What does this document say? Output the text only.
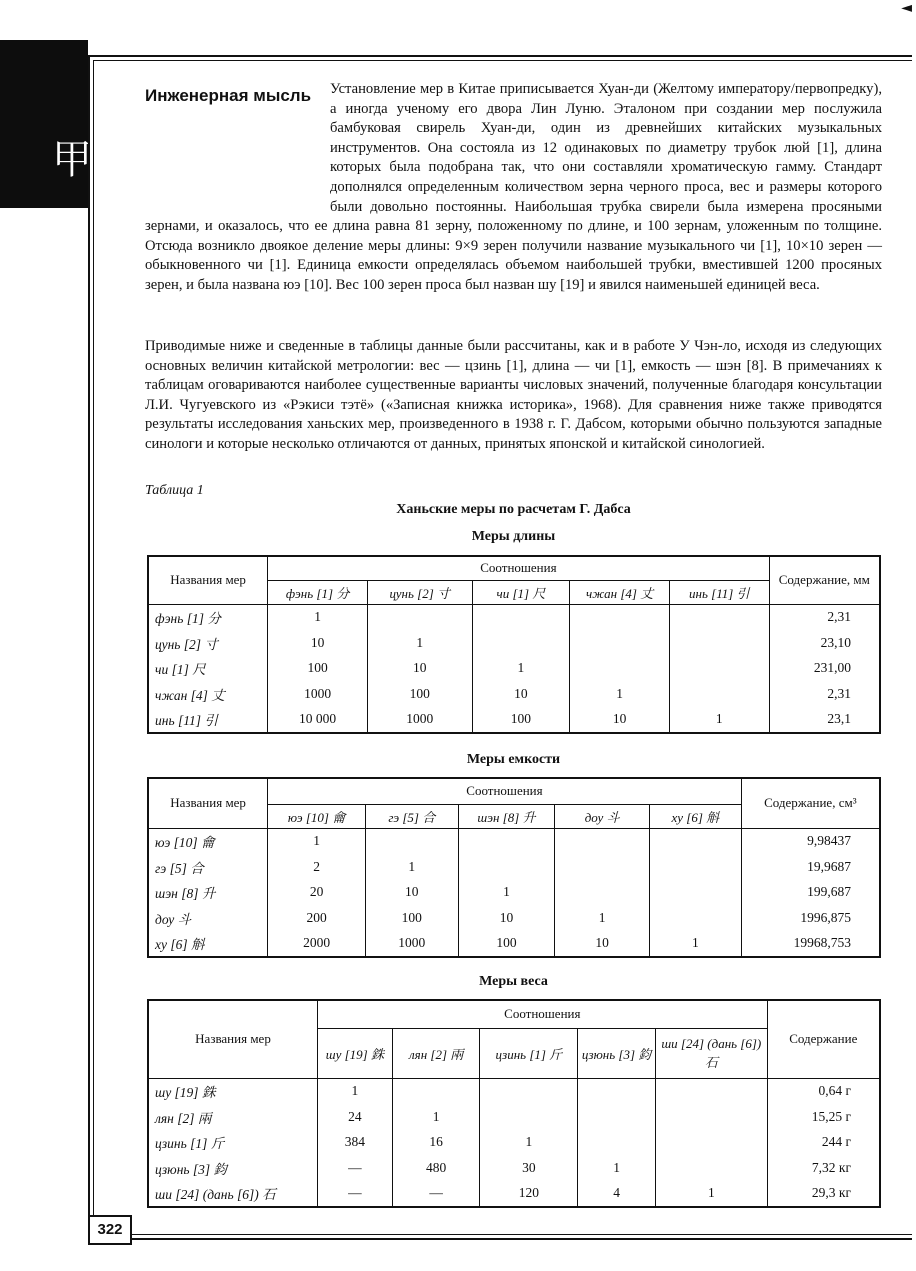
甲
◄
Инженерная мысль	Установление мер в Китае приписывается Хуан-ди (Желтому императору/первопредку), а иногда ученому его двора Лин Луню. Эталоном при создании мер послужила бамбуковая свирель Хуан-ди, один из древнейших китайских музыкальных инструментов. Она состояла из 12 одинаковых по диаметру трубок люй [1], длина которых была подобрана так, что они составляли хроматическую гамму. Стандарт дополнялся определенным количеством зерна черного проса, вес и размеры которого были довольно постоянны. Наибольшая трубка свирели была измерена просяными зернами, и оказалось, что ее длина равна 81 зерну, положенному по длине, и 100 зернам, уложенным по толщине. Отсюда возникло двоякое деление меры длины: 9×9 зерен получили название музыкального чи [1], 10×10 зерен — обыкновенного чи [1]. Единица емкости определялась объемом наибольшей трубки, вместившей 1200 просяных зерен, и была названа юэ [10]. Вес 100 зерен проса был назван шу [19] и явился наименьшей единицей веса.

Приводимые ниже и сведенные в таблицы данные были рассчитаны, как и в работе У Чэн-ло, исходя из следующих основных величин китайской метрологии: вес — цзинь [1], длина — чи [1], емкость — шэн [8]. В примечаниях к таблицам оговариваются наиболее существенные варианты числовых значений, полученные благодаря консультации Л.И. Чугуевского из «Рэкиси тэтё» («Записная книжка историка», 1968). Для сравнения ниже также приводятся результаты исследования ханьских мер, произведенного в 1938 г. Г. Дабсом, которыми обычно пользуются западные синологи и которые несколько отличаются от данных, принятых японской и китайской синологией.

Таблица 1
Ханьские меры по расчетам Г. Дабса
Меры длины
Названия мер	Соотношения					Содержание, мм
	фэнь [1] 分	цунь [2] 寸	чи [1] 尺	чжан [4] 丈	инь [11] 引	
фэнь [1] 分	1					2,31
цунь [2] 寸	10	1				23,10
чи [1] 尺	100	10	1			231,00
чжан [4] 丈	1000	100	10	1		2,31
инь [11] 引	10 000	1000	100	10	1	23,1
Меры емкости
Названия мер	Соотношения					Содержание, см³
	юэ [10] 龠	гэ [5] 合	шэн [8] 升	доу 斗	ху [6] 斛	
юэ [10] 龠	1					9,98437
гэ [5] 合	2	1				19,9687
шэн [8] 升	20	10	1			199,687
доу 斗	200	100	10	1		1996,875
ху [6] 斛	2000	1000	100	10	1	19968,753
Меры веса
Названия мер	Соотношения					Содержание
	шу [19] 銖	лян [2] 兩	цзинь [1] 斤	цзюнь [3] 鈞	ши [24] (дань [6]) 石	
шу [19] 銖	1					0,64 г
лян [2] 兩	24	1				15,25 г
цзинь [1] 斤	384	16	1			244 г
цзюнь [3] 鈞	—	480	30	1		7,32 кг
ши [24] (дань [6]) 石	—	—	120	4	1	29,3 кг
322
